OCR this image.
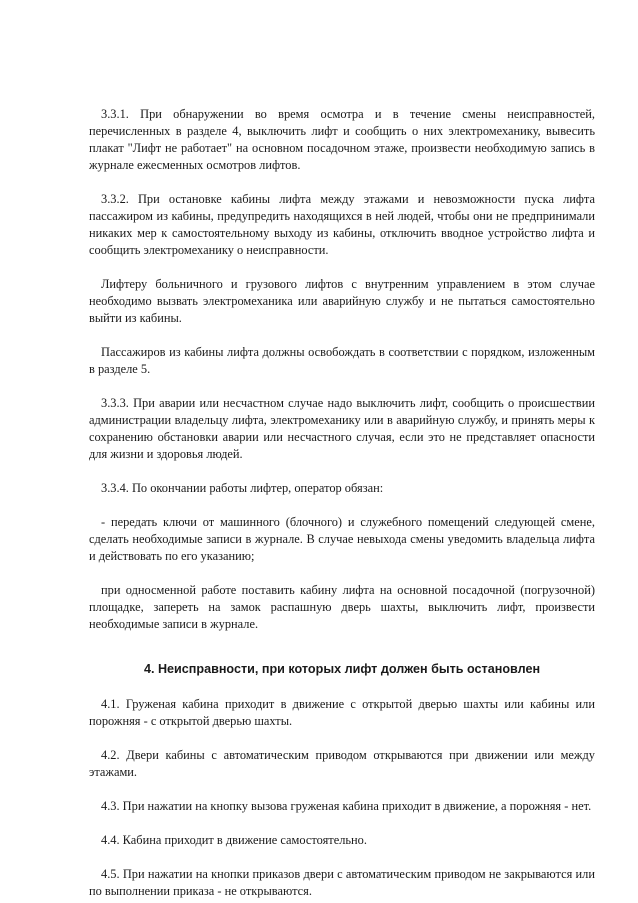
3.3.1. При обнаружении во время осмотра и в течение смены неисправностей, перечисленных в разделе 4, выключить лифт и сообщить о них электромеханику, вывесить плакат "Лифт не работает" на основном посадочном этаже, произвести необходимую запись в журнале ежесменных осмотров лифтов.

3.3.2. При остановке кабины лифта между этажами и невозможности пуска лифта пассажиром из кабины, предупредить находящихся в ней людей, чтобы они не предпринимали никаких мер к самостоятельному выходу из кабины, отключить вводное устройство лифта и сообщить электромеханику о неисправности.

Лифтеру больничного и грузового лифтов с внутренним управлением в этом случае необходимо вызвать электромеханика или аварийную службу и не пытаться самостоятельно выйти из кабины.

Пассажиров из кабины лифта должны освобождать в соответствии с порядком, изложенным в разделе 5.

3.3.3. При аварии или несчастном случае надо выключить лифт, сообщить о происшествии администрации владельцу лифта, электромеханику или в аварийную службу, и принять меры к сохранению обстановки аварии или несчастного случая, если это не представляет опасности для жизни и здоровья людей.

3.3.4. По окончании работы лифтер, оператор обязан:

- передать ключи от машинного (блочного) и служебного помещений следующей смене, сделать необходимые записи в журнале. В случае невыхода смены уведомить владельца лифта и действовать по его указанию;

при односменной работе поставить кабину лифта на основной посадочной (погрузочной) площадке, запереть на замок распашную дверь шахты, выключить лифт, произвести необходимые записи в журнале.

4. Неисправности, при которых лифт должен быть остановлен

4.1. Груженая кабина приходит в движение с открытой дверью шахты или кабины или порожняя - с открытой дверью шахты.

4.2. Двери кабины с автоматическим приводом открываются при движении или между этажами.

4.3. При нажатии на кнопку вызова груженая кабина приходит в движение, а порожняя - нет.

4.4. Кабина приходит в движение самостоятельно.

4.5. При нажатии на кнопки приказов двери с автоматическим приводом не закрываются или по выполнении приказа - не открываются.
